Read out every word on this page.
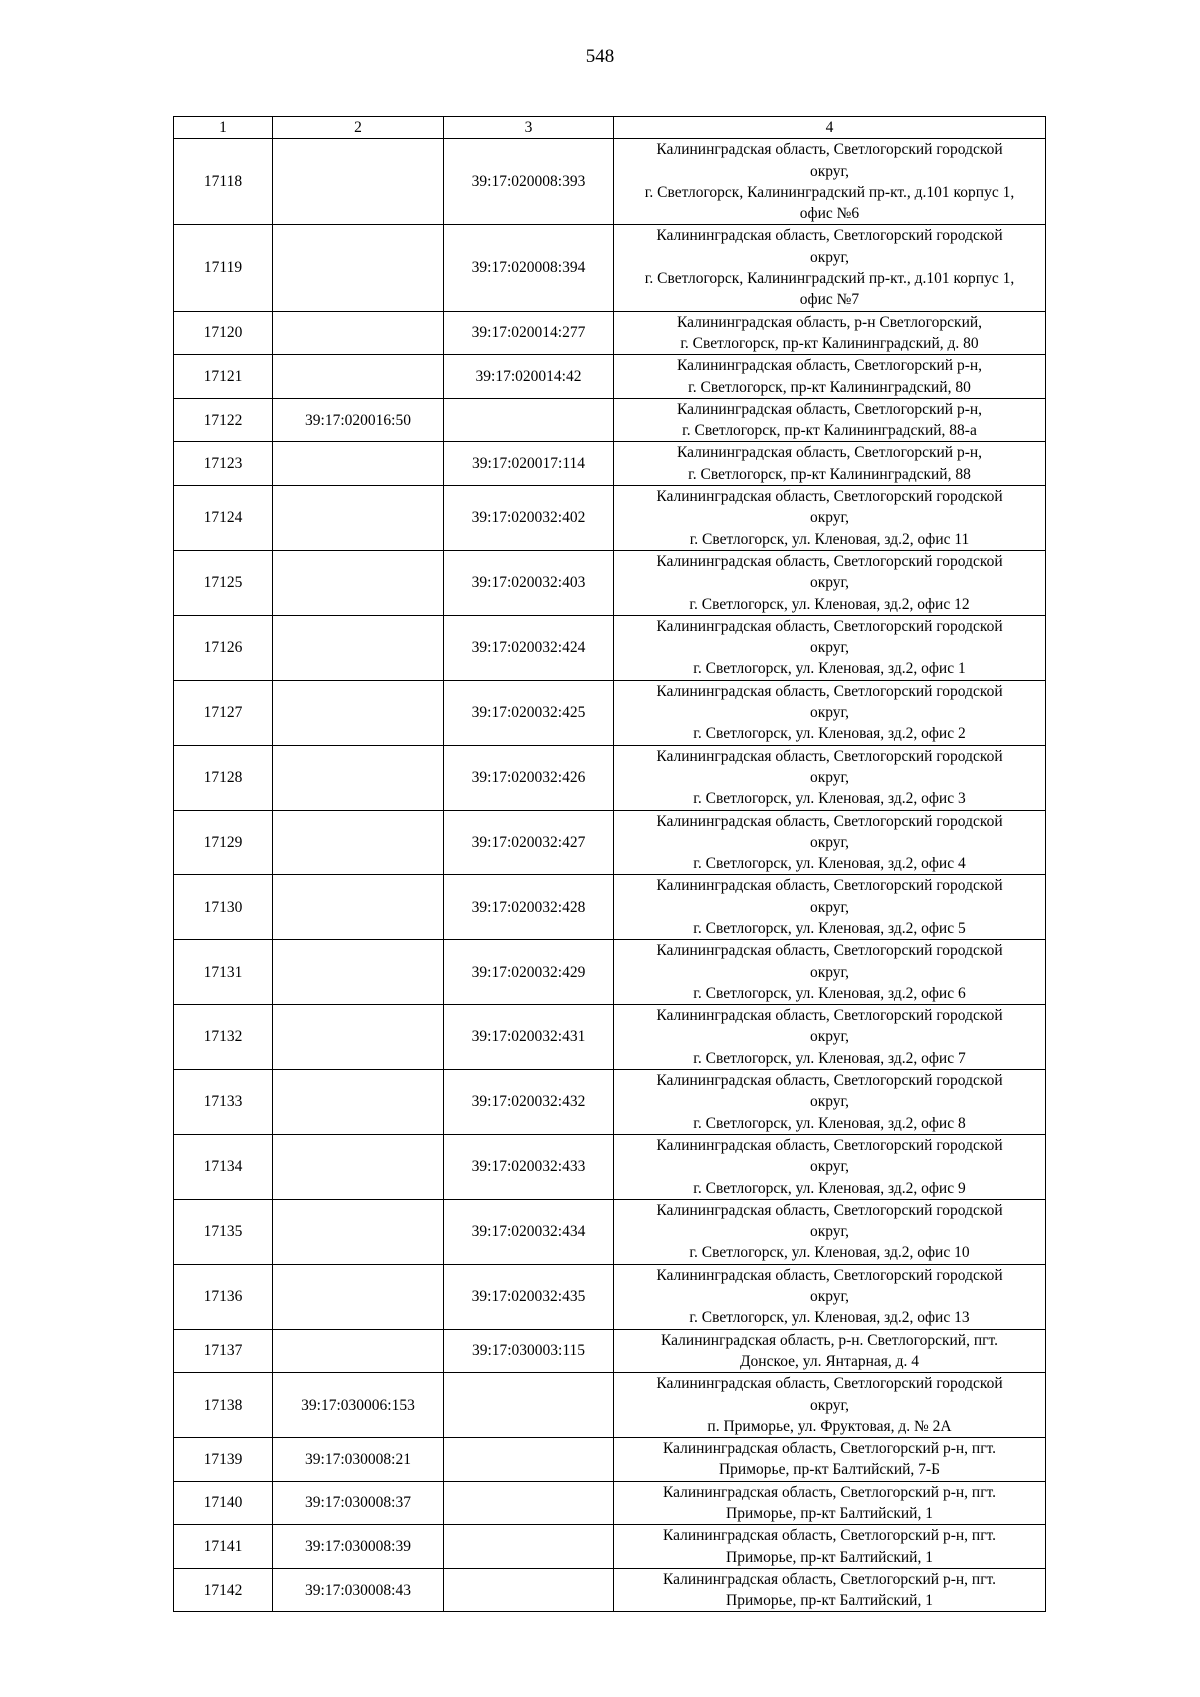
548
1	2	3	4
17118		39:17:020008:393	Калининградская область, Светлогорский городской
округ,
г. Светлогорск, Калининградский пр-кт., д.101 корпус 1,
офис №6

17119		39:17:020008:394	Калининградская область, Светлогорский городской
округ,
г. Светлогорск, Калининградский пр-кт., д.101 корпус 1,
офис №7

17120		39:17:020014:277	Калининградская область, р-н Светлогорский,
г. Светлогорск, пр-кт Калининградский, д. 80

17121		39:17:020014:42	Калининградская область, Светлогорский р-н,
г. Светлогорск, пр-кт Калининградский, 80

17122	39:17:020016:50		Калининградская область, Светлогорский р-н,
г. Светлогорск, пр-кт Калининградский, 88-а

17123		39:17:020017:114	Калининградская область, Светлогорский р-н,
г. Светлогорск, пр-кт Калининградский, 88

17124		39:17:020032:402	Калининградская область, Светлогорский городской
округ,
г. Светлогорск, ул. Кленовая, зд.2, офис 11

17125		39:17:020032:403	Калининградская область, Светлогорский городской
округ,
г. Светлогорск, ул. Кленовая, зд.2, офис 12

17126		39:17:020032:424	Калининградская область, Светлогорский городской
округ,
г. Светлогорск, ул. Кленовая, зд.2, офис 1

17127		39:17:020032:425	Калининградская область, Светлогорский городской
округ,
г. Светлогорск, ул. Кленовая, зд.2, офис 2

17128		39:17:020032:426	Калининградская область, Светлогорский городской
округ,
г. Светлогорск, ул. Кленовая, зд.2, офис 3

17129		39:17:020032:427	Калининградская область, Светлогорский городской
округ,
г. Светлогорск, ул. Кленовая, зд.2, офис 4

17130		39:17:020032:428	Калининградская область, Светлогорский городской
округ,
г. Светлогорск, ул. Кленовая, зд.2, офис 5

17131		39:17:020032:429	Калининградская область, Светлогорский городской
округ,
г. Светлогорск, ул. Кленовая, зд.2, офис 6

17132		39:17:020032:431	Калининградская область, Светлогорский городской
округ,
г. Светлогорск, ул. Кленовая, зд.2, офис 7

17133		39:17:020032:432	Калининградская область, Светлогорский городской
округ,
г. Светлогорск, ул. Кленовая, зд.2, офис 8

17134		39:17:020032:433	Калининградская область, Светлогорский городской
округ,
г. Светлогорск, ул. Кленовая, зд.2, офис 9

17135		39:17:020032:434	Калининградская область, Светлогорский городской
округ,
г. Светлогорск, ул. Кленовая, зд.2, офис 10

17136		39:17:020032:435	Калининградская область, Светлогорский городской
округ,
г. Светлогорск, ул. Кленовая, зд.2, офис 13

17137		39:17:030003:115	Калининградская область, р-н. Светлогорский, пгт.
Донское, ул. Янтарная, д. 4

17138	39:17:030006:153		Калининградская область, Светлогорский городской
округ,
п. Приморье, ул. Фруктовая, д. № 2А

17139	39:17:030008:21		Калининградская область, Светлогорский р-н, пгт.
Приморье, пр-кт Балтийский, 7-Б

17140	39:17:030008:37		Калининградская область, Светлогорский р-н, пгт.
Приморье, пр-кт Балтийский, 1

17141	39:17:030008:39		Калининградская область, Светлогорский р-н, пгт.
Приморье, пр-кт Балтийский, 1

17142	39:17:030008:43		Калининградская область, Светлогорский р-н, пгт.
Приморье, пр-кт Балтийский, 1
